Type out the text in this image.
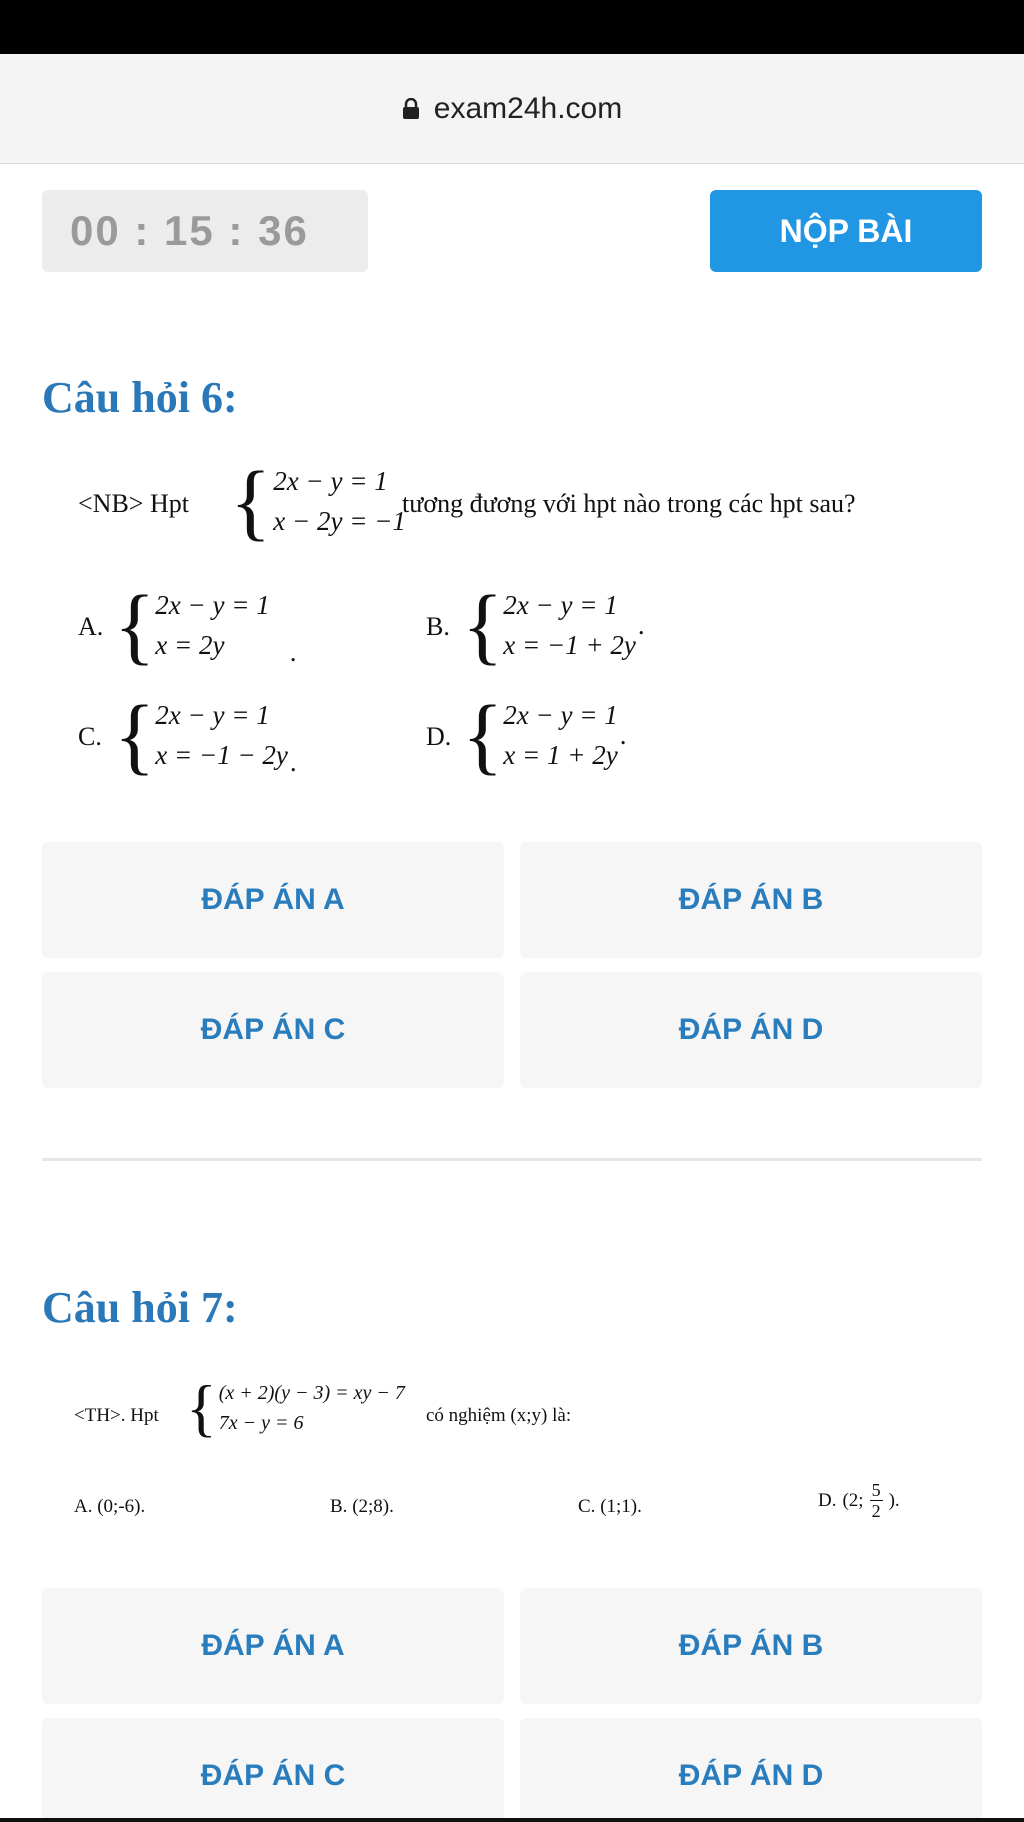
exam24h.com
00 : 15 : 36	NỘP BÀI
Câu hỏi 6:
<NB> Hpt { 2x − y = 1
x − 2y = −1
tương đương với hpt nào trong các hpt sau?
A. { 2x − y = 1
x = 2y	.
B. { 2x − y = 1
x = −1 + 2y
.
C. { 2x − y = 1
x = −1 − 2y .
D. { 2x − y = 1
x = 1 + 2y
.
ĐÁP ÁN A	ĐÁP ÁN B
ĐÁP ÁN C	ĐÁP ÁN D
Câu hỏi 7:
<TH>. Hpt { (x + 2)(y − 3) = xy − 7
7x − y = 6	có nghiệm (x;y) là:
A. (0;-6).	B. (2;8).	C. (1;1).	D. (2; $\frac{5}{2}$ ).
ĐÁP ÁN A	ĐÁP ÁN B
ĐÁP ÁN C	ĐÁP ÁN D
